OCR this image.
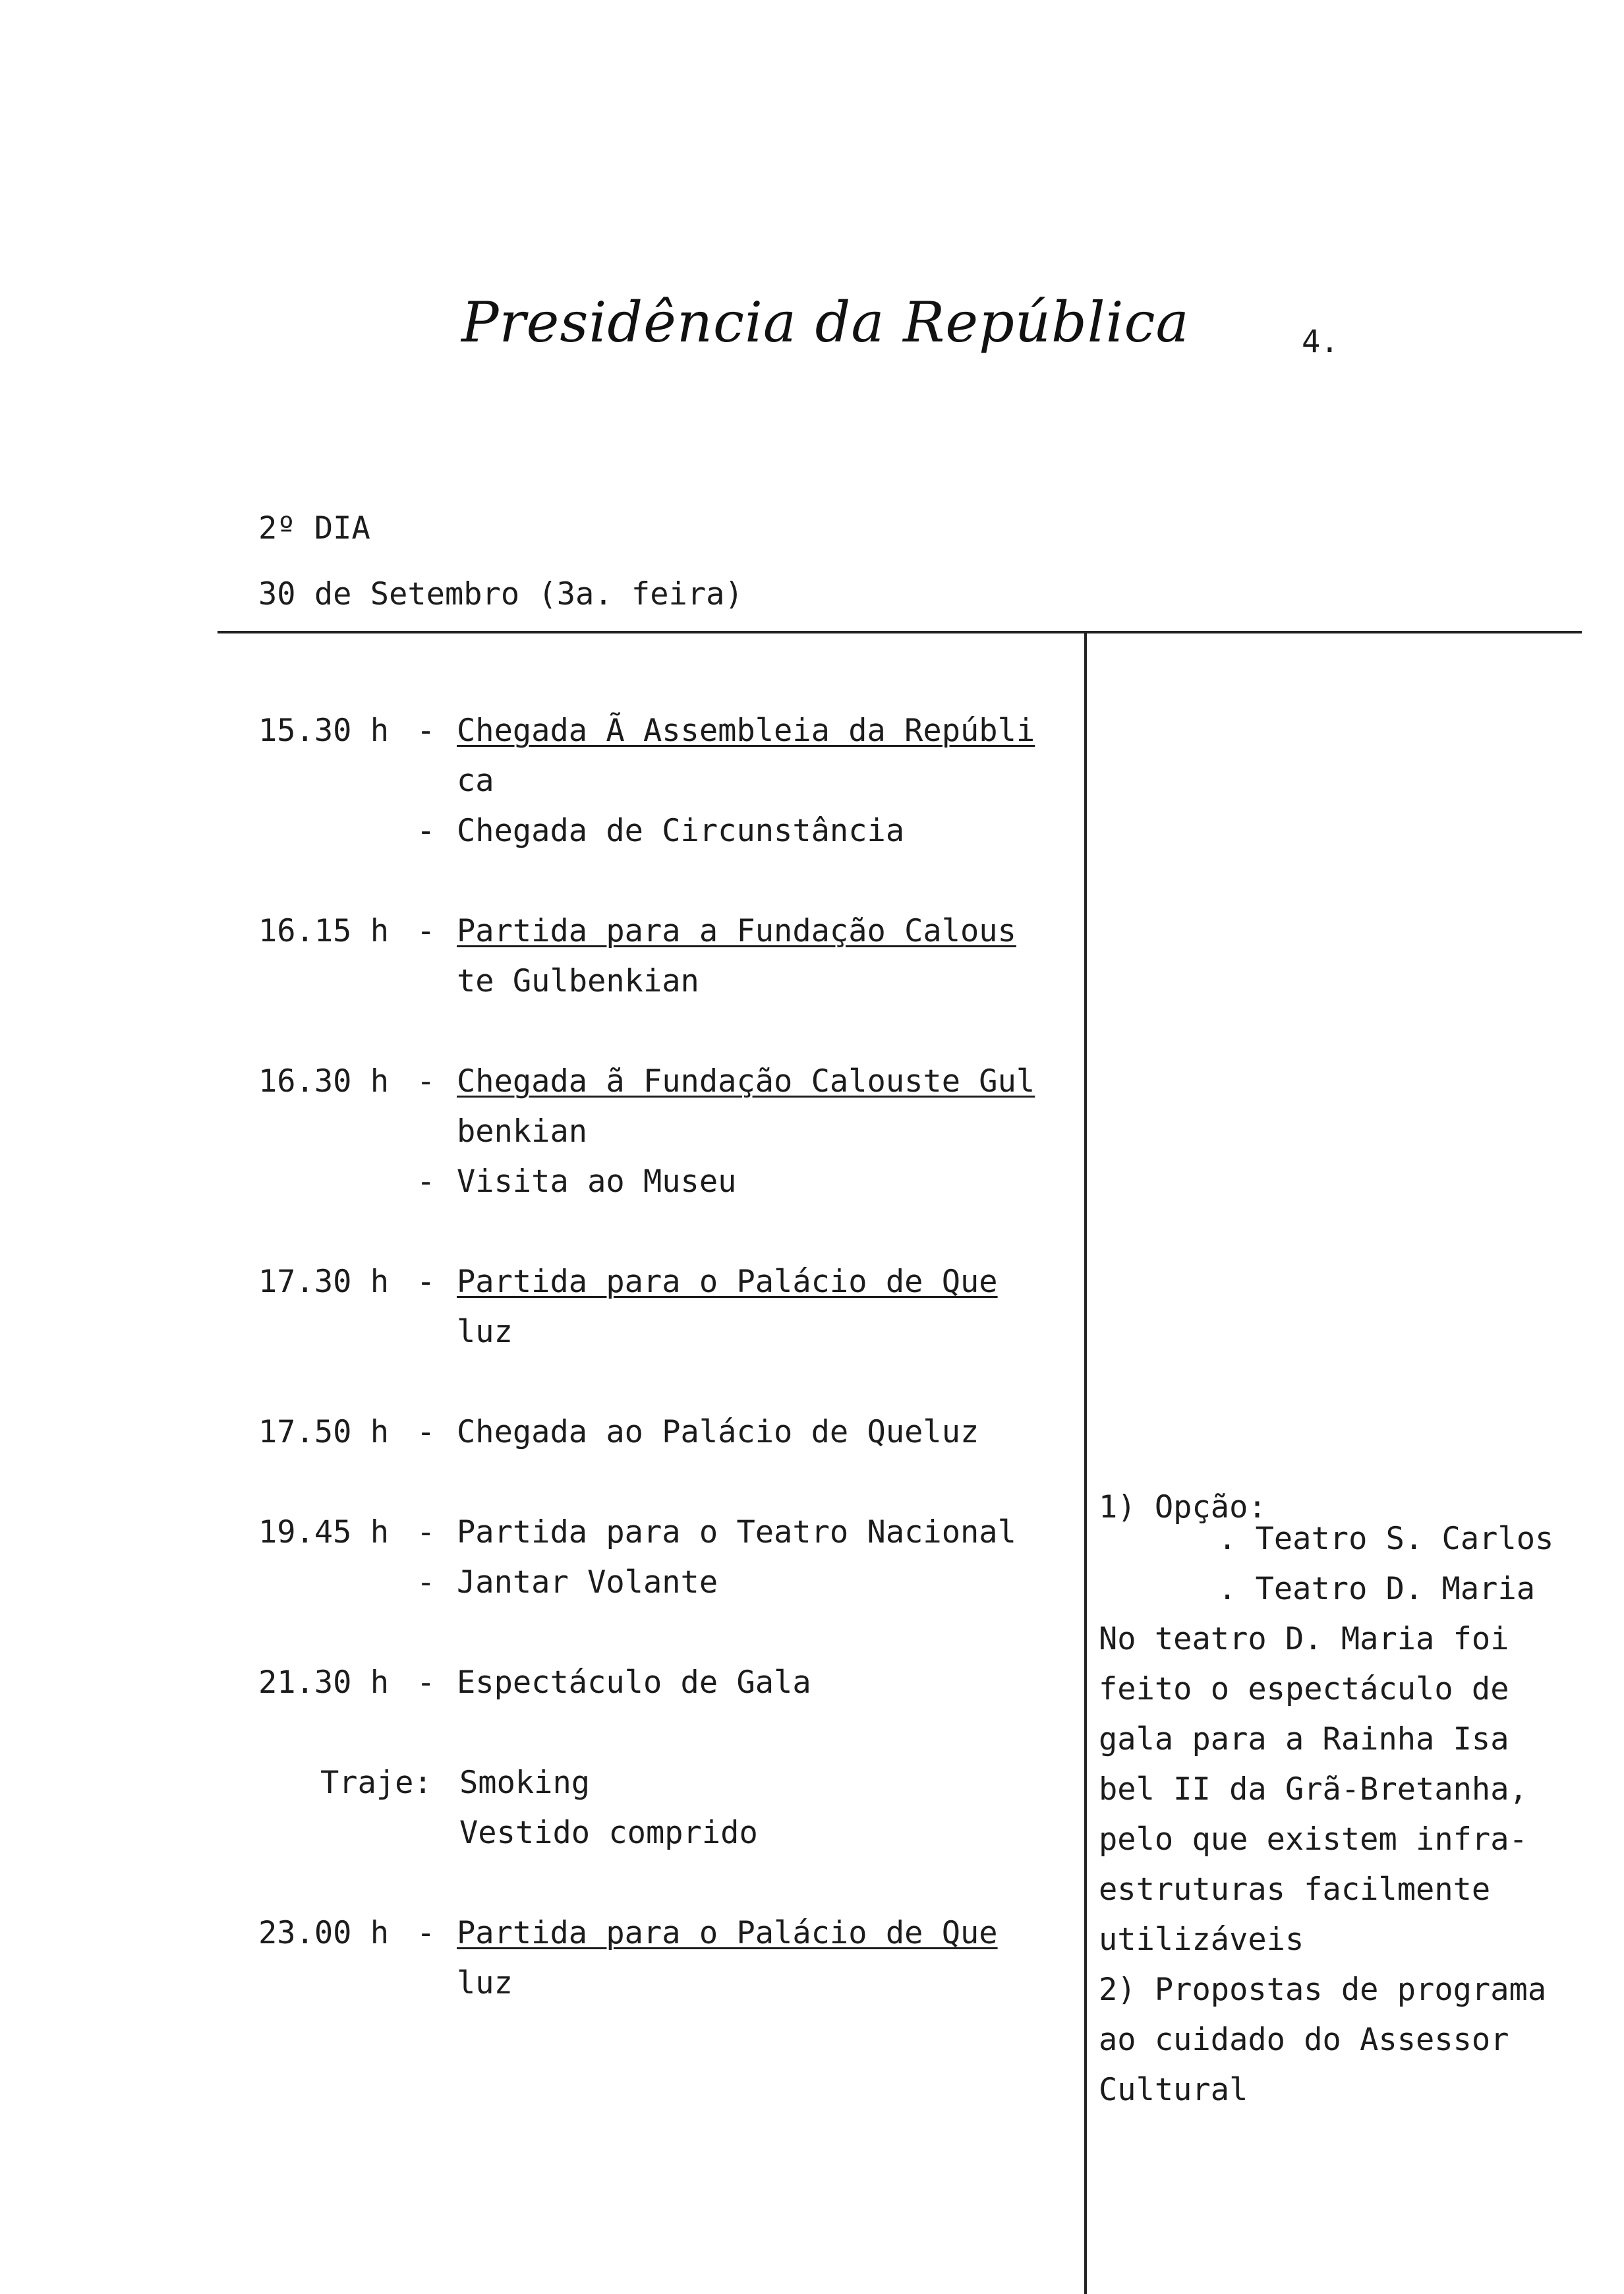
Presidência da República	4.
2º DIA
30 de Setembro (3a. feira)
15.30 h - Chegada Ã Assembleia da Repúbli
ca
- Chegada de Circunstância
16.15 h - Partida para a Fundação Calous
te Gulbenkian
16.30 h - Chegada ã Fundação Calouste Gul
benkian
- Visita ao Museu
17.30 h - Partida para o Palácio de Que
luz
17.50 h - Chegada ao Palácio de Queluz
19.45 h - Partida para o Teatro Nacional
- Jantar Volante
21.30 h - Espectáculo de Gala
Traje: Smoking
Vestido comprido
23.00 h - Partida para o Palácio de Que
luz
1) Opção:
. Teatro S. Carlos
. Teatro D. Maria
No teatro D. Maria foi
feito o espectáculo de
gala para a Rainha Isa
bel II da Grã-Bretanha,
pelo que existem infra-
estruturas facilmente
utilizáveis
2) Propostas de programa
ao cuidado do Assessor
Cultural
